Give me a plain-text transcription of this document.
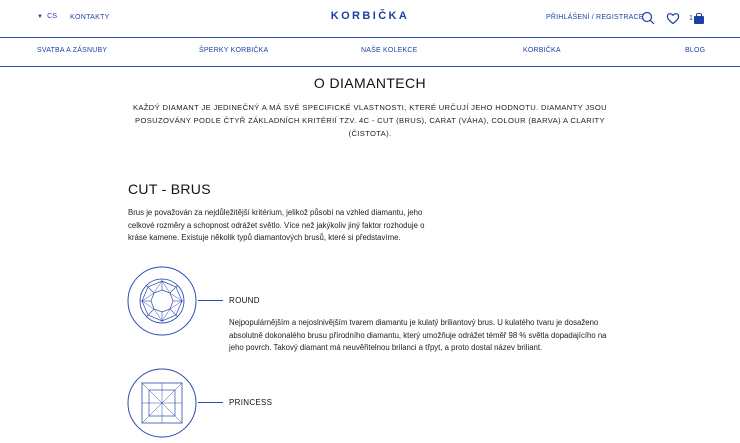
▼ CS KONTAKTY	KORBIČKA	PŘIHLÁŠENÍ / REGISTRACE	1
SVATBA A ZÁSNUBY	ŠPERKY KORBIČKA	NAŠE KOLEKCE	KORBIČKA	BLOG
O DIAMANTECH

KAŽDÝ DIAMANT JE JEDINEČNÝ A MÁ SVÉ SPECIFICKÉ VLASTNOSTI, KTERÉ URČUJÍ JEHO HODNOTU. DIAMANTY JSOU POSUZOVÁNY PODLE ČTYŘ ZÁKLADNÍCH KRITÉRIÍ TZV. 4C - CUT (BRUS), CARAT (VÁHA), COLOUR (BARVA) A CLARITY (ČISTOTA).

CUT - BRUS

Brus je považován za nejdůležitější kritérium, jelikož působí na vzhled diamantu, jeho celkové rozměry a schopnost odrážet světlo. Více než jakýkoliv jiný faktor rozhoduje o kráse kamene. Existuje několik typů diamantových brusů, které si představíme.

ROUND

Nejpopulárnějším a nejoslnivějším tvarem diamantu je kulatý briliantový brus. U kulatého tvaru je dosaženo absolutně dokonalého brusu přírodního diamantu, který umožňuje odrážet téměř 98 % světla dopadajícího na jeho povrch. Takový diamant má neuvěřitelnou brilanci a třpyt, a proto dostal název briliant.

PRINCESS
